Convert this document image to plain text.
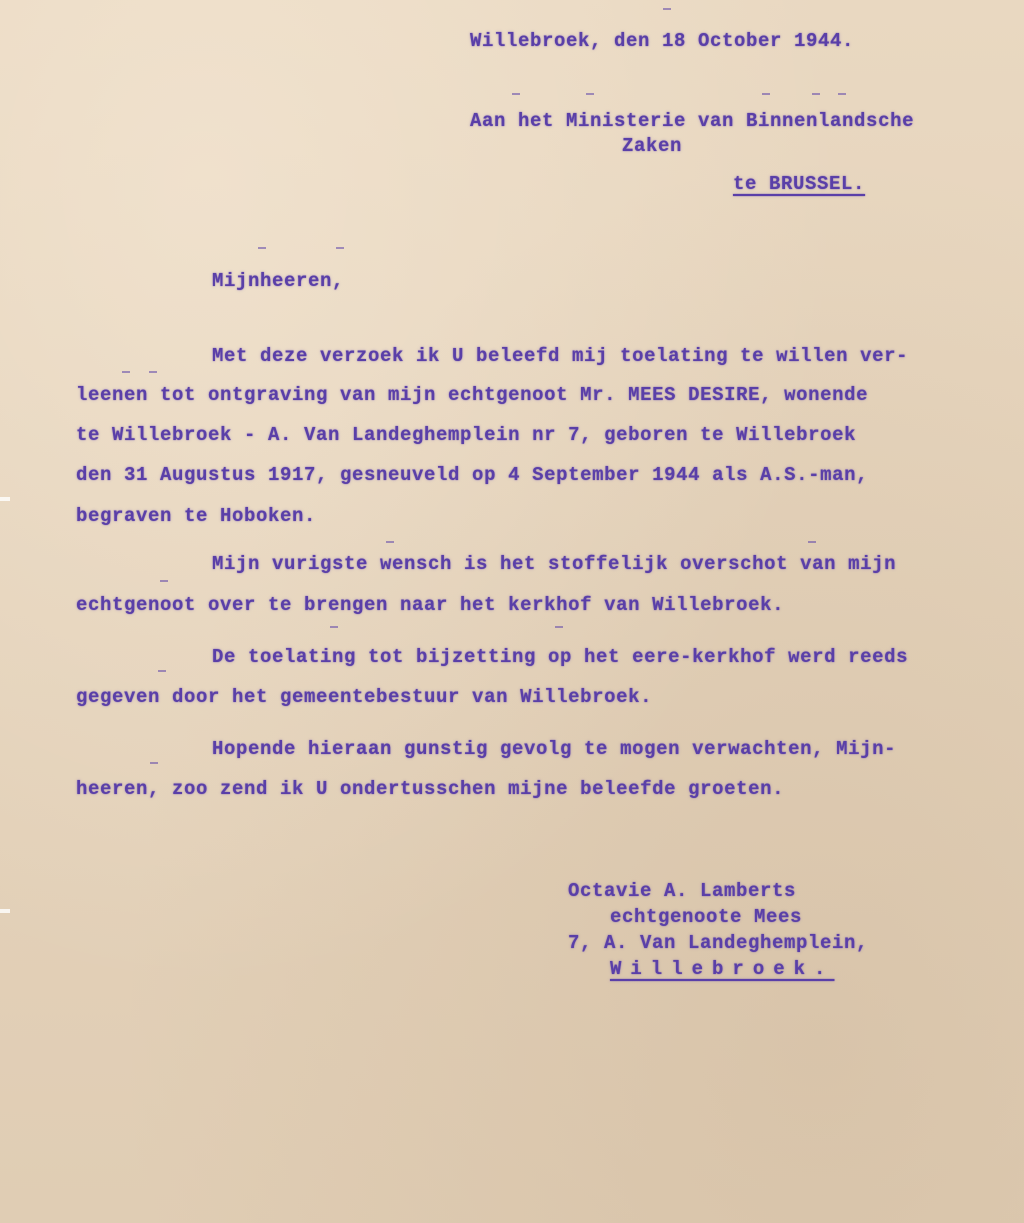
Willebroek, den 18 October 1944.

Aan het Ministerie van Binnenlandsche

Zaken

te BRUSSEL.

Mijnheeren,

Met deze verzoek ik U beleefd mij toelating te willen ver-

leenen tot ontgraving van mijn echtgenoot Mr. MEES DESIRE, wonende

te Willebroek - A. Van Landeghemplein nr 7, geboren te Willebroek

den 31 Augustus 1917, gesneuveld op 4 September 1944 als A.S.-man,

begraven te Hoboken.

Mijn vurigste wensch is het stoffelijk overschot van mijn

echtgenoot over te brengen naar het kerkhof van Willebroek.

De toelating tot bijzetting op het eere-kerkhof werd reeds

gegeven door het gemeentebestuur van Willebroek.

Hopende hieraan gunstig gevolg te mogen verwachten, Mijn-

heeren, zoo zend ik U ondertusschen mijne beleefde groeten.

Octavie A. Lamberts

echtgenoote Mees

7, A. Van Landeghemplein,

Willebroek.
